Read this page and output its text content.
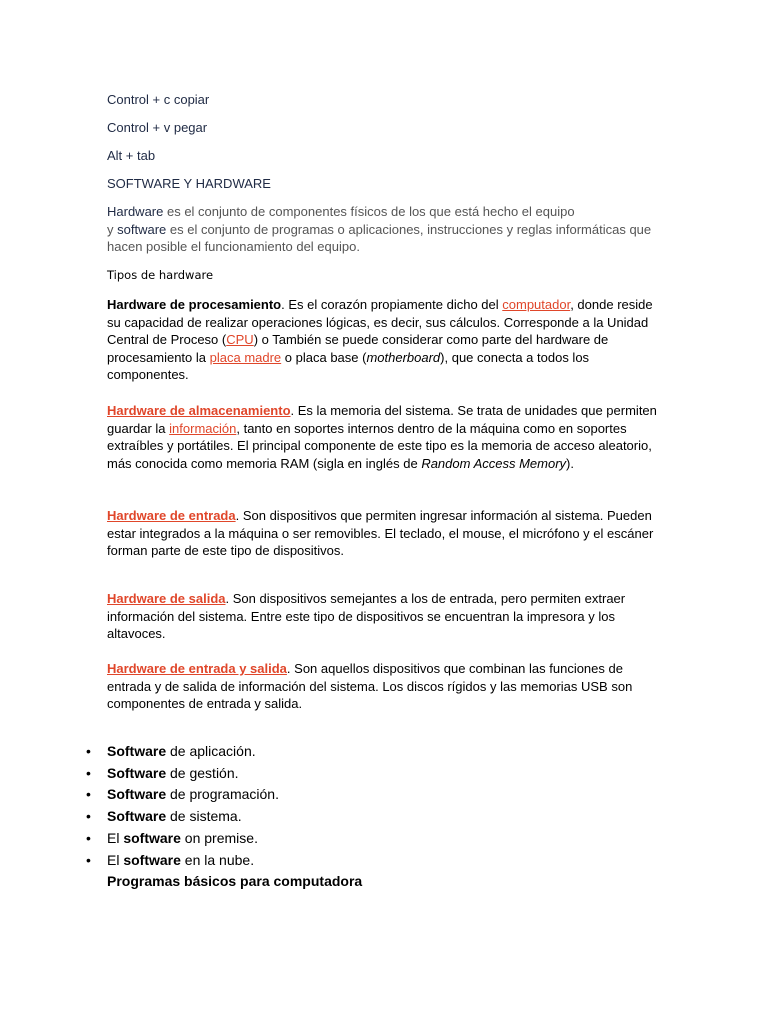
Control + c copiar
Control + v pegar
Alt + tab
SOFTWARE Y HARDWARE
Hardware es el conjunto de componentes físicos de los que está hecho el equipo
y software es el conjunto de programas o aplicaciones, instrucciones y reglas informáticas que hacen posible el funcionamiento del equipo.
Tipos de hardware
Hardware de procesamiento. Es el corazón propiamente dicho del computador, donde reside su capacidad de realizar operaciones lógicas, es decir, sus cálculos. Corresponde a la Unidad Central de Proceso (CPU) o También se puede considerar como parte del hardware de procesamiento la placa madre o placa base (motherboard), que conecta a todos los componentes.
Hardware de almacenamiento. Es la memoria del sistema. Se trata de unidades que permiten guardar la información, tanto en soportes internos dentro de la máquina como en soportes extraíbles y portátiles. El principal componente de este tipo es la memoria de acceso aleatorio, más conocida como memoria RAM (sigla en inglés de Random Access Memory).
Hardware de entrada. Son dispositivos que permiten ingresar información al sistema. Pueden estar integrados a la máquina o ser removibles. El teclado, el mouse, el micrófono y el escáner forman parte de este tipo de dispositivos.
Hardware de salida. Son dispositivos semejantes a los de entrada, pero permiten extraer información del sistema. Entre este tipo de dispositivos se encuentran la impresora y los altavoces.
Hardware de entrada y salida. Son aquellos dispositivos que combinan las funciones de entrada y de salida de información del sistema. Los discos rígidos y las memorias USB son componentes de entrada y salida.
• Software de aplicación.
• Software de gestión.
• Software de programación.
• Software de sistema.
• El software on premise.
• El software en la nube.
Programas básicos para computadora
